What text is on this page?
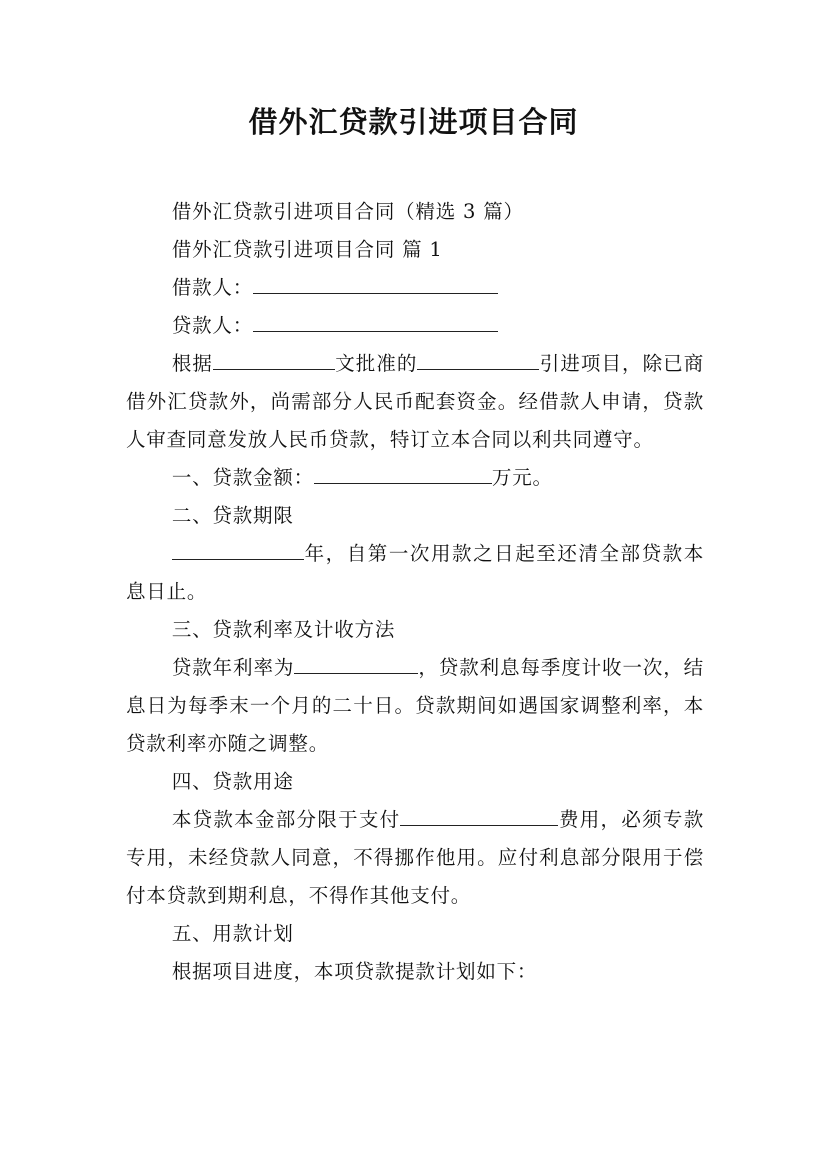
借外汇贷款引进项目合同

借外汇贷款引进项目合同（精选 3 篇）

借外汇贷款引进项目合同 篇 1

借款人：

贷款人：

根据	文批准的	引进项目，除已商借外汇贷款外，尚需部分人民币配套资金。经借款人申请，贷款人审查同意发放人民币贷款，特订立本合同以利共同遵守。

一、贷款金额：	万元。

二、贷款期限

年，自第一次用款之日起至还清全部贷款本息日止。

三、贷款利率及计收方法

贷款年利率为	，贷款利息每季度计收一次，结息日为每季末一个月的二十日。贷款期间如遇国家调整利率，本贷款利率亦随之调整。

四、贷款用途

本贷款本金部分限于支付	费用，必须专款专用，未经贷款人同意，不得挪作他用。应付利息部分限用于偿付本贷款到期利息，不得作其他支付。

五、用款计划

根据项目进度，本项贷款提款计划如下：
